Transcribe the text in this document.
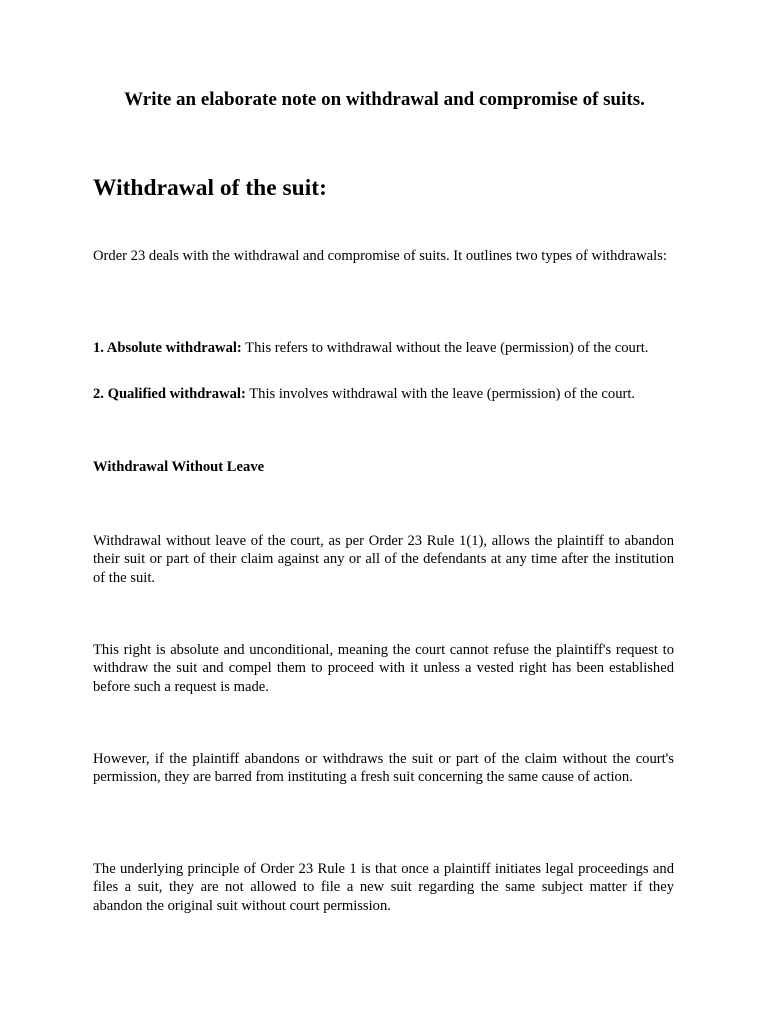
Write an elaborate note on withdrawal and compromise of suits.
Withdrawal of the suit:

Order 23 deals with the withdrawal and compromise of suits. It outlines two types of withdrawals:

1. Absolute withdrawal: This refers to withdrawal without the leave (permission) of the court.

2. Qualified withdrawal: This involves withdrawal with the leave (permission) of the court.

Withdrawal Without Leave

Withdrawal without leave of the court, as per Order 23 Rule 1(1), allows the plaintiff to abandon their suit or part of their claim against any or all of the defendants at any time after the institution of the suit.

This right is absolute and unconditional, meaning the court cannot refuse the plaintiff's request to withdraw the suit and compel them to proceed with it unless a vested right has been established before such a request is made.

However, if the plaintiff abandons or withdraws the suit or part of the claim without the court's permission, they are barred from instituting a fresh suit concerning the same cause of action.

The underlying principle of Order 23 Rule 1 is that once a plaintiff initiates legal proceedings and files a suit, they are not allowed to file a new suit regarding the same subject matter if they abandon the original suit without court permission.
